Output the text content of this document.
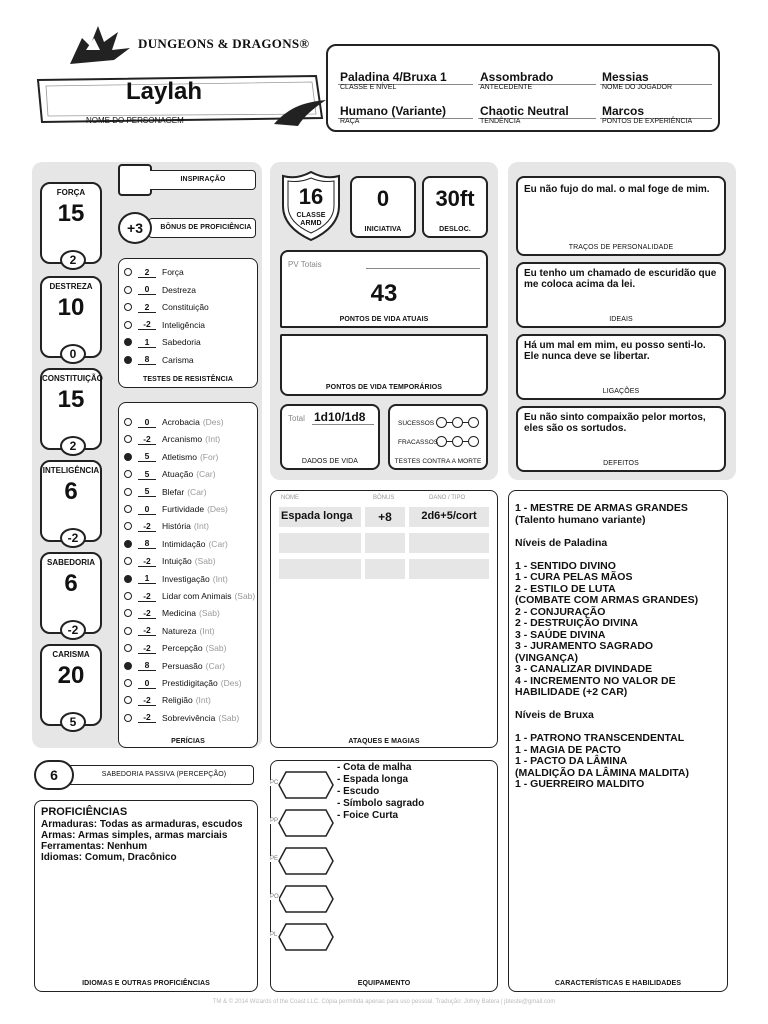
DUNGEONS & DRAGONS®
Laylah
NOME DO PERSONAGEM
Paladina 4/Bruxa 1
CLASSE E NÍVEL
Assombrado
ANTECEDENTE
Messias
NOME DO JOGADOR
Humano (Variante)
RAÇA
Chaotic Neutral
TENDÊNCIA
Marcos
PONTOS DE EXPERIÊNCIA
FORÇA
15
2
DESTREZA
10
0
CONSTITUIÇÃO
15
2
INTELIGÊNCIA
6
-2
SABEDORIA
6
-2
CARISMA
20
5
INSPIRAÇÃO
+3	BÔNUS DE PROFICIÊNCIA
2	Força
0	Destreza
2	Constituição
-2	Inteligência
1	Sabedoria
8	Carisma
TESTES DE RESISTÊNCIA
0	Acrobacia (Des)
-2	Arcanismo (Int)
5	Atletismo (For)
5	Atuação (Car)
5	Blefar (Car)
0	Furtividade (Des)
-2	História (Int)
8	Intimidação (Car)
-2	Intuição (Sab)
1	Investigação (Int)
-2	Lidar com Animais (Sab)
-2	Medicina (Sab)
-2	Natureza (Int)
-2	Percepção (Sab)
8	Persuasão (Car)
0	Prestidigitação (Des)
-2	Religião (Int)
-2	Sobrevivência (Sab)
PERÍCIAS
6	SABEDORIA PASSIVA (PERCEPÇÃO)
PROFICIÊNCIAS
Armaduras: Todas as armaduras, escudos
Armas: Armas simples, armas marciais
Ferramentas: Nenhum
Idiomas: Comum, Dracônico
IDIOMAS E OUTRAS PROFICIÊNCIAS
16
CLASSE ARMD
0
INICIATIVA
30ft
DESLOC.
PV Totais
43
PONTOS DE VIDA ATUAIS
PONTOS DE VIDA TEMPORÁRIOS
Total 1d10/1d8
DADOS DE VIDA
SUCESSOS
FRACASSOS
TESTES CONTRA A MORTE
NOME	BÔNUS	DANO / TIPO
Espada longa	+8	2d6+5/cort
ATAQUES E MAGIAS
EQUIPAMENTO
PC
PP
PE
PO
PL
- Cota de malha
- Espada longa
- Escudo
- Símbolo sagrado
- Foice Curta
Eu não fujo do mal. o mal foge de mim.
TRAÇOS DE PERSONALIDADE
Eu tenho um chamado de escuridão que me coloca acima da lei.
IDEAIS
Há um mal em mim, eu posso senti-lo. Ele nunca deve se libertar.
LIGAÇÕES
Eu não sinto compaixão pelor mortos, eles são os sortudos.
DEFEITOS
1 - MESTRE DE ARMAS GRANDES
(Talento humano variante)
Níveis de Paladina
1 - SENTIDO DIVINO
1 - CURA PELAS MÃOS
2 - ESTILO DE LUTA
(COMBATE COM ARMAS GRANDES)
2 - CONJURAÇÃO
2 - DESTRUIÇÃO DIVINA
3 - SAÚDE DIVINA
3 - JURAMENTO SAGRADO
(VINGANÇA)
3 - CANALIZAR DIVINDADE
4 - INCREMENTO NO VALOR DE
HABILIDADE (+2 CAR)
Níveis de Bruxa
1 - PATRONO TRANSCENDENTAL
1 - MAGIA DE PACTO
1 - PACTO DA LÂMINA
(MALDIÇÃO DA LÂMINA MALDITA)
1 - GUERREIRO MALDITO
CARACTERÍSTICAS E HABILIDADES
TM & © 2014 Wizards of the Coast LLC. Cópia permitida apenas para uso pessoal. Tradução: Johny Batera | jbteste@gmail.com
